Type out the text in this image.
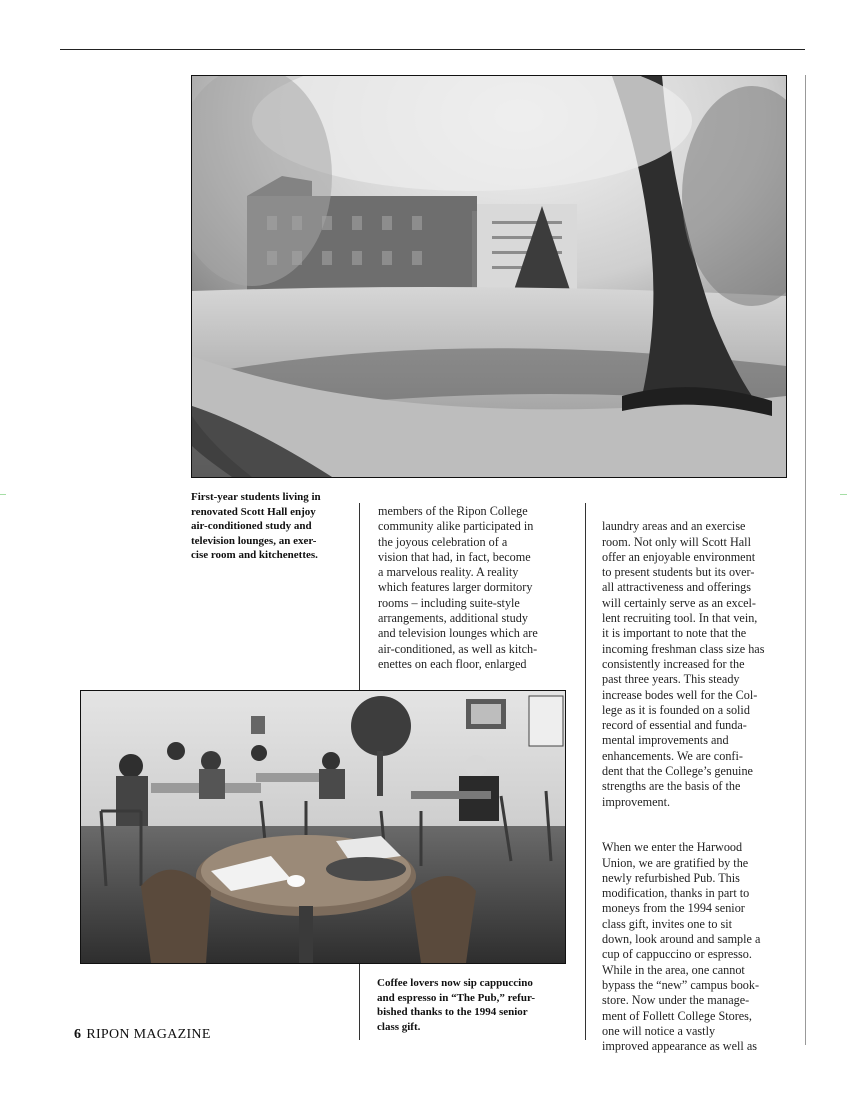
First-year students living in
renovated Scott Hall enjoy
air-conditioned study and
television lounges, an exer-
cise room and kitchenettes.
members of the Ripon College
community alike participated in
the joyous celebration of a
vision that had, in fact, become
a marvelous reality. A reality
which features larger dormitory
rooms – including suite-style
arrangements, additional study
and television lounges which are
air-conditioned, as well as kitch-
enettes on each floor, enlarged

laundry areas and an exercise
room. Not only will Scott Hall
offer an enjoyable environment
to present students but its over-
all attractiveness and offerings
will certainly serve as an excel-
lent recruiting tool. In that vein,
it is important to note that the
incoming freshman class size has
consistently increased for the
past three years. This steady
increase bodes well for the Col-
lege as it is founded on a solid
record of essential and funda-
mental improvements and
enhancements. We are confi-
dent that the College’s genuine
strengths are the basis of the
improvement.

When we enter the Harwood
Union, we are gratified by the
newly refurbished Pub. This
modification, thanks in part to
moneys from the 1994 senior
class gift, invites one to sit
down, look around and sample a
cup of cappuccino or espresso.
While in the area, one cannot
bypass the “new” campus book-
store. Now under the manage-
ment of Follett College Stores,
one will notice a vastly
improved appearance as well as

Coffee lovers now sip cappuccino
and espresso in “The Pub,” refur-
bished thanks to the 1994 senior
class gift.
6 RIPON MAGAZINE
